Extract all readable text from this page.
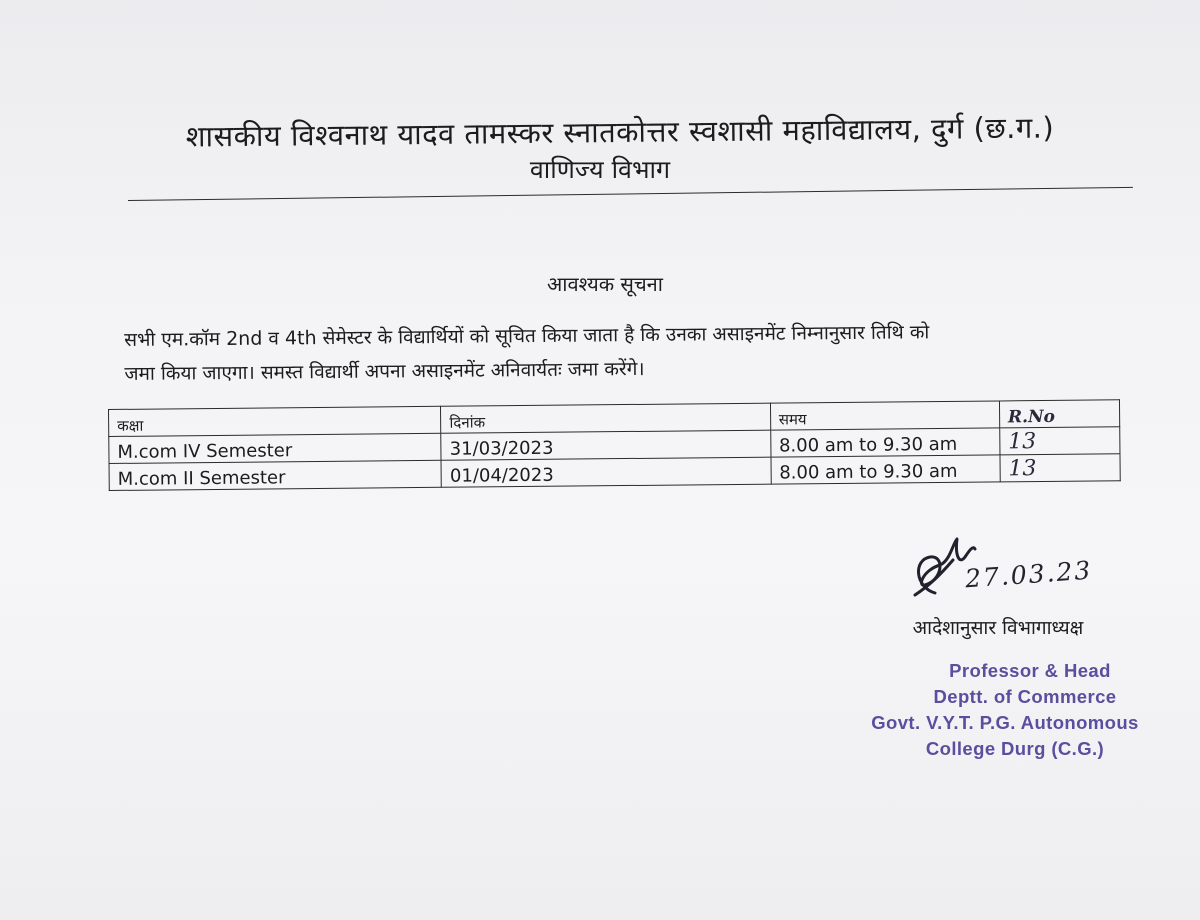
शासकीय विश्वनाथ यादव तामस्कर स्नातकोत्तर स्वशासी महाविद्यालय, दुर्ग (छ.ग.)
वाणिज्य विभाग
आवश्यक सूचना
सभी एम.कॉम 2nd व 4th सेमेस्टर के विद्यार्थियों को सूचित किया जाता है कि उनका असाइनमेंट निम्नानुसार तिथि को
जमा किया जाएगा। समस्त विद्यार्थी अपना असाइनमेंट अनिवार्यतः जमा करेंगे।
कक्षा	दिनांक	समय	R.No
M.com IV Semester	31/03/2023	8.00 am to 9.30 am	13
M.com II Semester	01/04/2023	8.00 am to 9.30 am	13
27.03.23
आदेशानुसार विभागाध्यक्ष
Professor & Head
Deptt. of Commerce
Govt. V.Y.T. P.G. Autonomous
College Durg (C.G.)
